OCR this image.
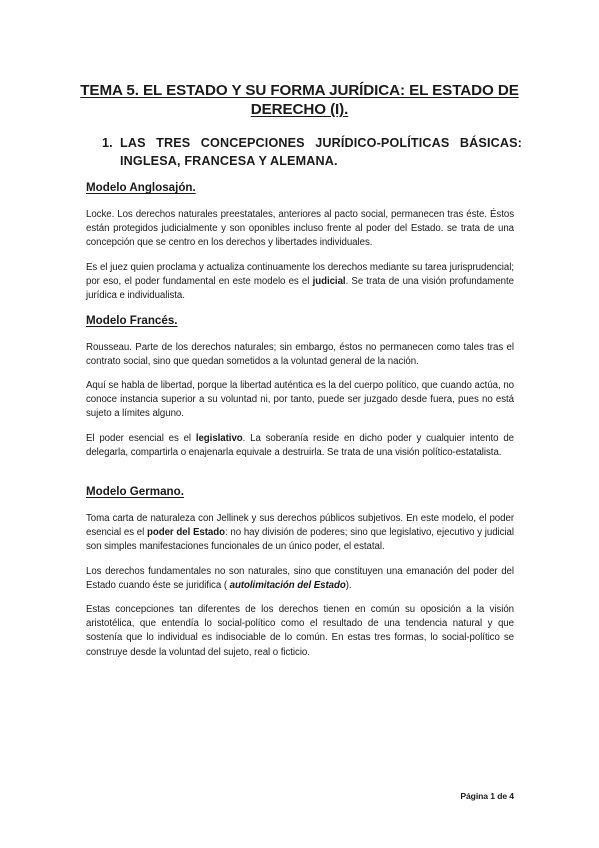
TEMA 5. EL ESTADO Y SU FORMA JURÍDICA: EL ESTADO DE
DERECHO (I).
1. LAS TRES CONCEPCIONES JURÍDICO-POLÍTICAS BÁSICAS: INGLESA, FRANCESA Y ALEMANA.
Modelo Anglosajón.
Locke. Los derechos naturales preestatales, anteriores al pacto social, permanecen tras éste. Éstos están protegidos judicialmente y son oponibles incluso frente al poder del Estado. se trata de una concepción que se centro en los derechos y libertades individuales.
Es el juez quien proclama y actualiza continuamente los derechos mediante su tarea jurisprudencial; por eso, el poder fundamental en este modelo es el judicial. Se trata de una visión profundamente jurídica e individualista.
Modelo Francés.
Rousseau. Parte de los derechos naturales; sin embargo, éstos no permanecen como tales tras el contrato social, sino que quedan sometidos a la voluntad general de la nación.
Aquí se habla de libertad, porque la libertad auténtica es la del cuerpo político, que cuando actúa, no conoce instancia superior a su voluntad ni, por tanto, puede ser juzgado desde fuera, pues no está sujeto a límites alguno.
El poder esencial es el legislativo. La soberanía reside en dicho poder y cualquier intento de delegarla, compartirla o enajenarla equivale a destruirla. Se trata de una visión político-estatalista.
Modelo Germano.
Toma carta de naturaleza con Jellinek y sus derechos públicos subjetivos. En este modelo, el poder esencial es el poder del Estado: no hay división de poderes; sino que legislativo, ejecutivo y judicial son simples manifestaciones funcionales de un único poder, el estatal.
Los derechos fundamentales no son naturales, sino que constituyen una emanación del poder del Estado cuando éste se juridifica ( autolimitación del Estado).
Estas concepciones tan diferentes de los derechos tienen en común su oposición a la visión aristotélica, que entendía lo social-político como el resultado de una tendencia natural y que sostenía que lo individual es indisociable de lo común. En estas tres formas, lo social-político se construye desde la voluntad del sujeto, real o ficticio.
Página 1 de 4
